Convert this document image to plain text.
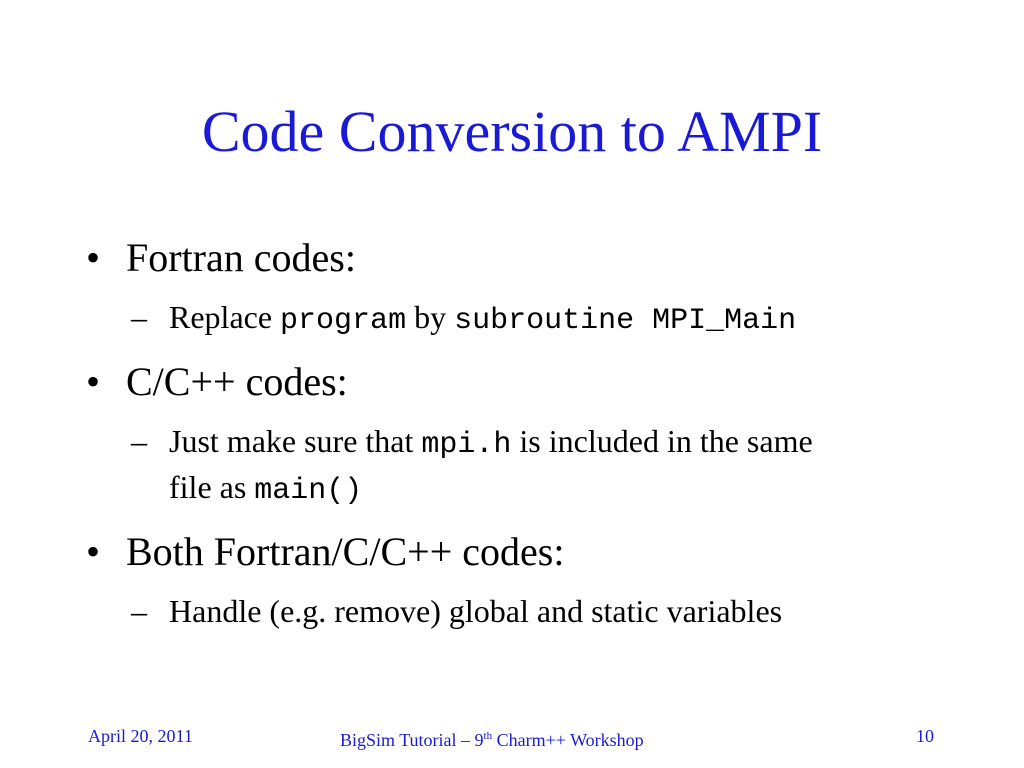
Code Conversion to AMPI
• Fortran codes:
– Replace program by subroutine MPI_Main
• C/C++ codes:
– Just make sure that mpi.h is included in the same
file as main()
• Both Fortran/C/C++ codes:
– Handle (e.g. remove) global and static variables
April 20, 2011	BigSim Tutorial – 9th Charm++ Workshop	10
